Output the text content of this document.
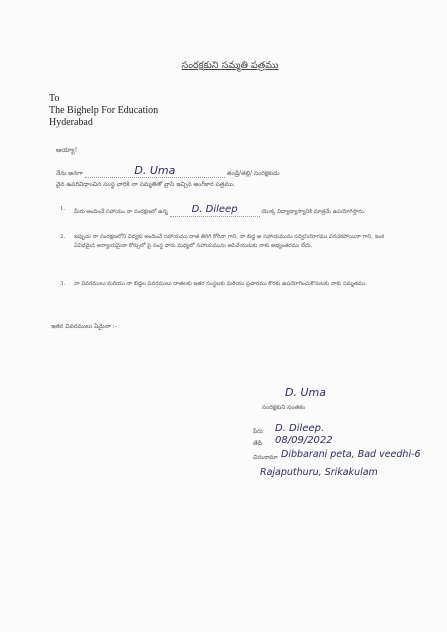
సంరక్షకుని సమ్మతి పత్రము
To
The Bighelp For Education
Hyderabad
అయ్యా!
నేను అనగా	D. Uma	తండ్రి/తల్లి/ సంరక్షకుడు
వైన ఉపరివిధాంచిన సంస్థ వారికి నా సమ్మతితో వ్రాసి ఇచ్చిన అంగీకార పత్రము.
1. మీరు అందించే సహాయం నా సంరక్షణలో ఉన్న D. Dileep	యొక్క విద్యాభ్యాస్యానికి మాత్రమే ఉపయోగిస్తాను.
2. ఇప్పుడు నా సంరక్షణలోని విద్యకు అందించే సహాయము దాత తిరిగి కోరినా గాని, నా బిడ్డ ఆ సహాయమును సద్వినియోగము పరచకపోయినా గాని, ఇంక ఏవిధమైన అన్యాయమైనా కోర్సులో పై సంస్థ వారు మధ్యలో సహాయమును ఆపివేయుటకు నాకు అభ్యంతరము లేదు.
3. నా వివరములు మరియు నా బిడ్డల వివరములు దాతలకు ఇతర సంస్థలకు మరియు ప్రచారము కొరకు ఉపయోగించుకొనుటకు నాకు సమ్మతము.
ఇతర వివరములు ఏమైనా :-
D. Uma
సంరక్షకుని సంతకం
పేరు D. Dileep.
తేదీ 08/09/2022
చిరునామా Dibbarani peta, Bad veedhi-6
Rajaputhuru, Srikakulam
